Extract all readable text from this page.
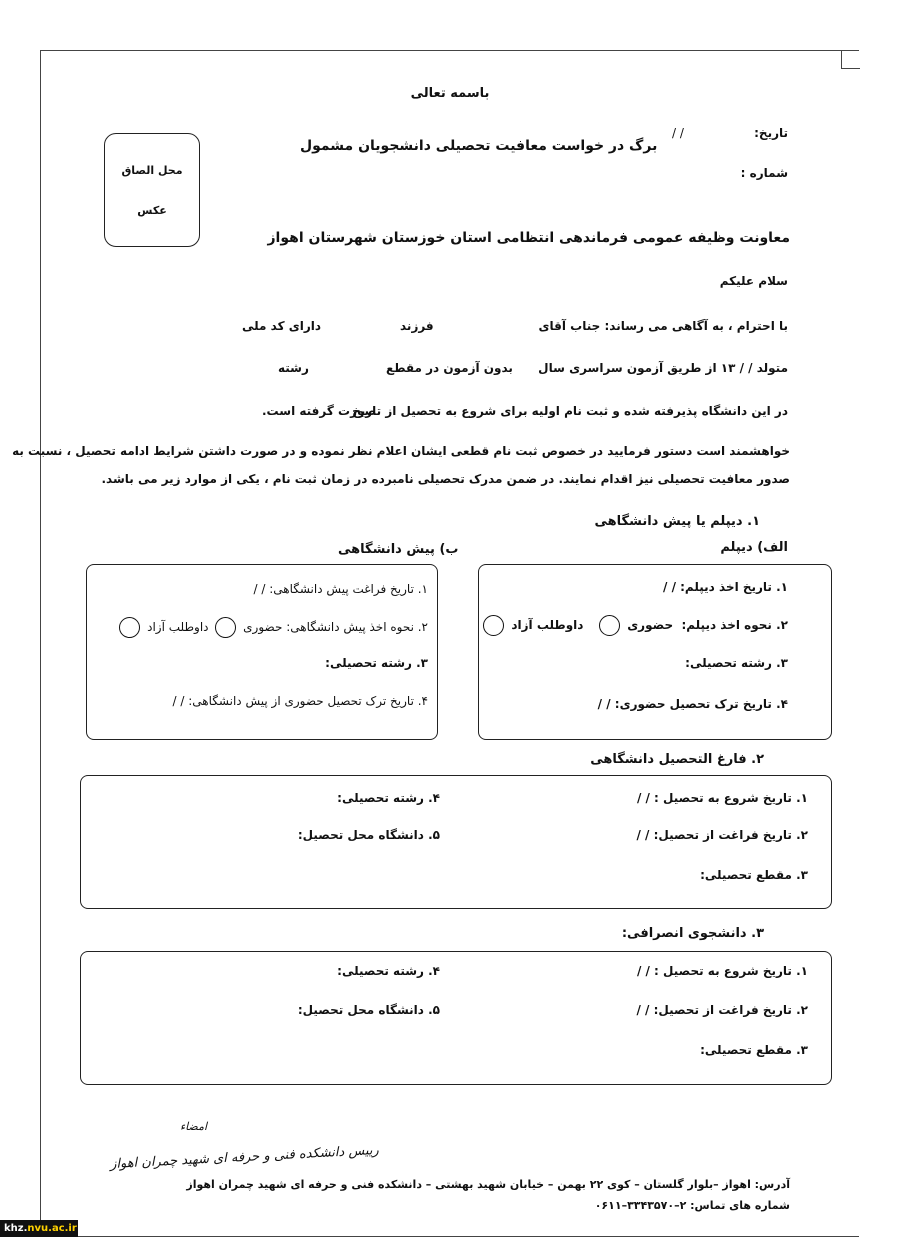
باسمه تعالی
برگ در خواست معافیت تحصیلی دانشجویان مشمول
تاریخ:
/ /
شماره :
محل الصاق
عکس
معاونت وظیفه عمومی فرماندهی انتظامی استان خوزستان شهرستان اهواز
سلام علیکم
با احترام ، به آگاهی می رساند: جناب آقای
فرزند
دارای کد ملی
متولد / / ۱۳ از طریق آزمون سراسری سال
بدون آزمون در مقطع
رشته
در این دانشگاه پذیرفته شده و ثبت نام اولیه برای شروع به تحصیل از تاریخ
صورت گرفته است.
خواهشمند است دستور فرمایید در خصوص ثبت نام قطعی ایشان اعلام نظر نموده و در صورت داشتن شرایط ادامه تحصیل ، نسبت به
صدور معافیت تحصیلی نیز اقدام نمایند. در ضمن مدرک تحصیلی نامبرده در زمان ثبت نام ، یکی از موارد زیر می باشد.
۱. دیپلم یا پیش دانشگاهی
الف) دیپلم
ب) پیش دانشگاهی
۱. تاریخ اخذ دیپلم: / /
۲. نحوه اخذ دیپلم:  حضوری    داوطلب آزاد
۳. رشته تحصیلی:
۴. تاریخ ترک تحصیل حضوری: / /
۱. تاریخ فراغت پیش دانشگاهی: / /
۲. نحوه اخذ پیش دانشگاهی: حضوری  داوطلب آزاد
۳. رشته تحصیلی:
۴. تاریخ ترک تحصیل حضوری از پیش دانشگاهی: / /
۲. فارغ التحصیل دانشگاهی
۱. تاریخ شروع به تحصیل : / /
۲. تاریخ فراغت از تحصیل: / /
۳. مقطع تحصیلی:
۴. رشته تحصیلی:
۵. دانشگاه محل تحصیل:
۳. دانشجوی انصرافی:
۱. تاریخ شروع به تحصیل : / /
۲. تاریخ فراغت از تحصیل: / /
۳. مقطع تحصیلی:
۴. رشته تحصیلی:
۵. دانشگاه محل تحصیل:
امضاء
رییس دانشکده فنی و حرفه ای شهید چمران اهواز
آدرس: اهواز –بلوار گلستان – کوی ۲۲ بهمن – خیابان شهید بهشتی – دانشکده فنی و حرفه ای شهید چمران اهواز
شماره های تماس: ۲–۳۳۴۳۵۷۰–۰۶۱۱
khz.nvu.ac.ir
